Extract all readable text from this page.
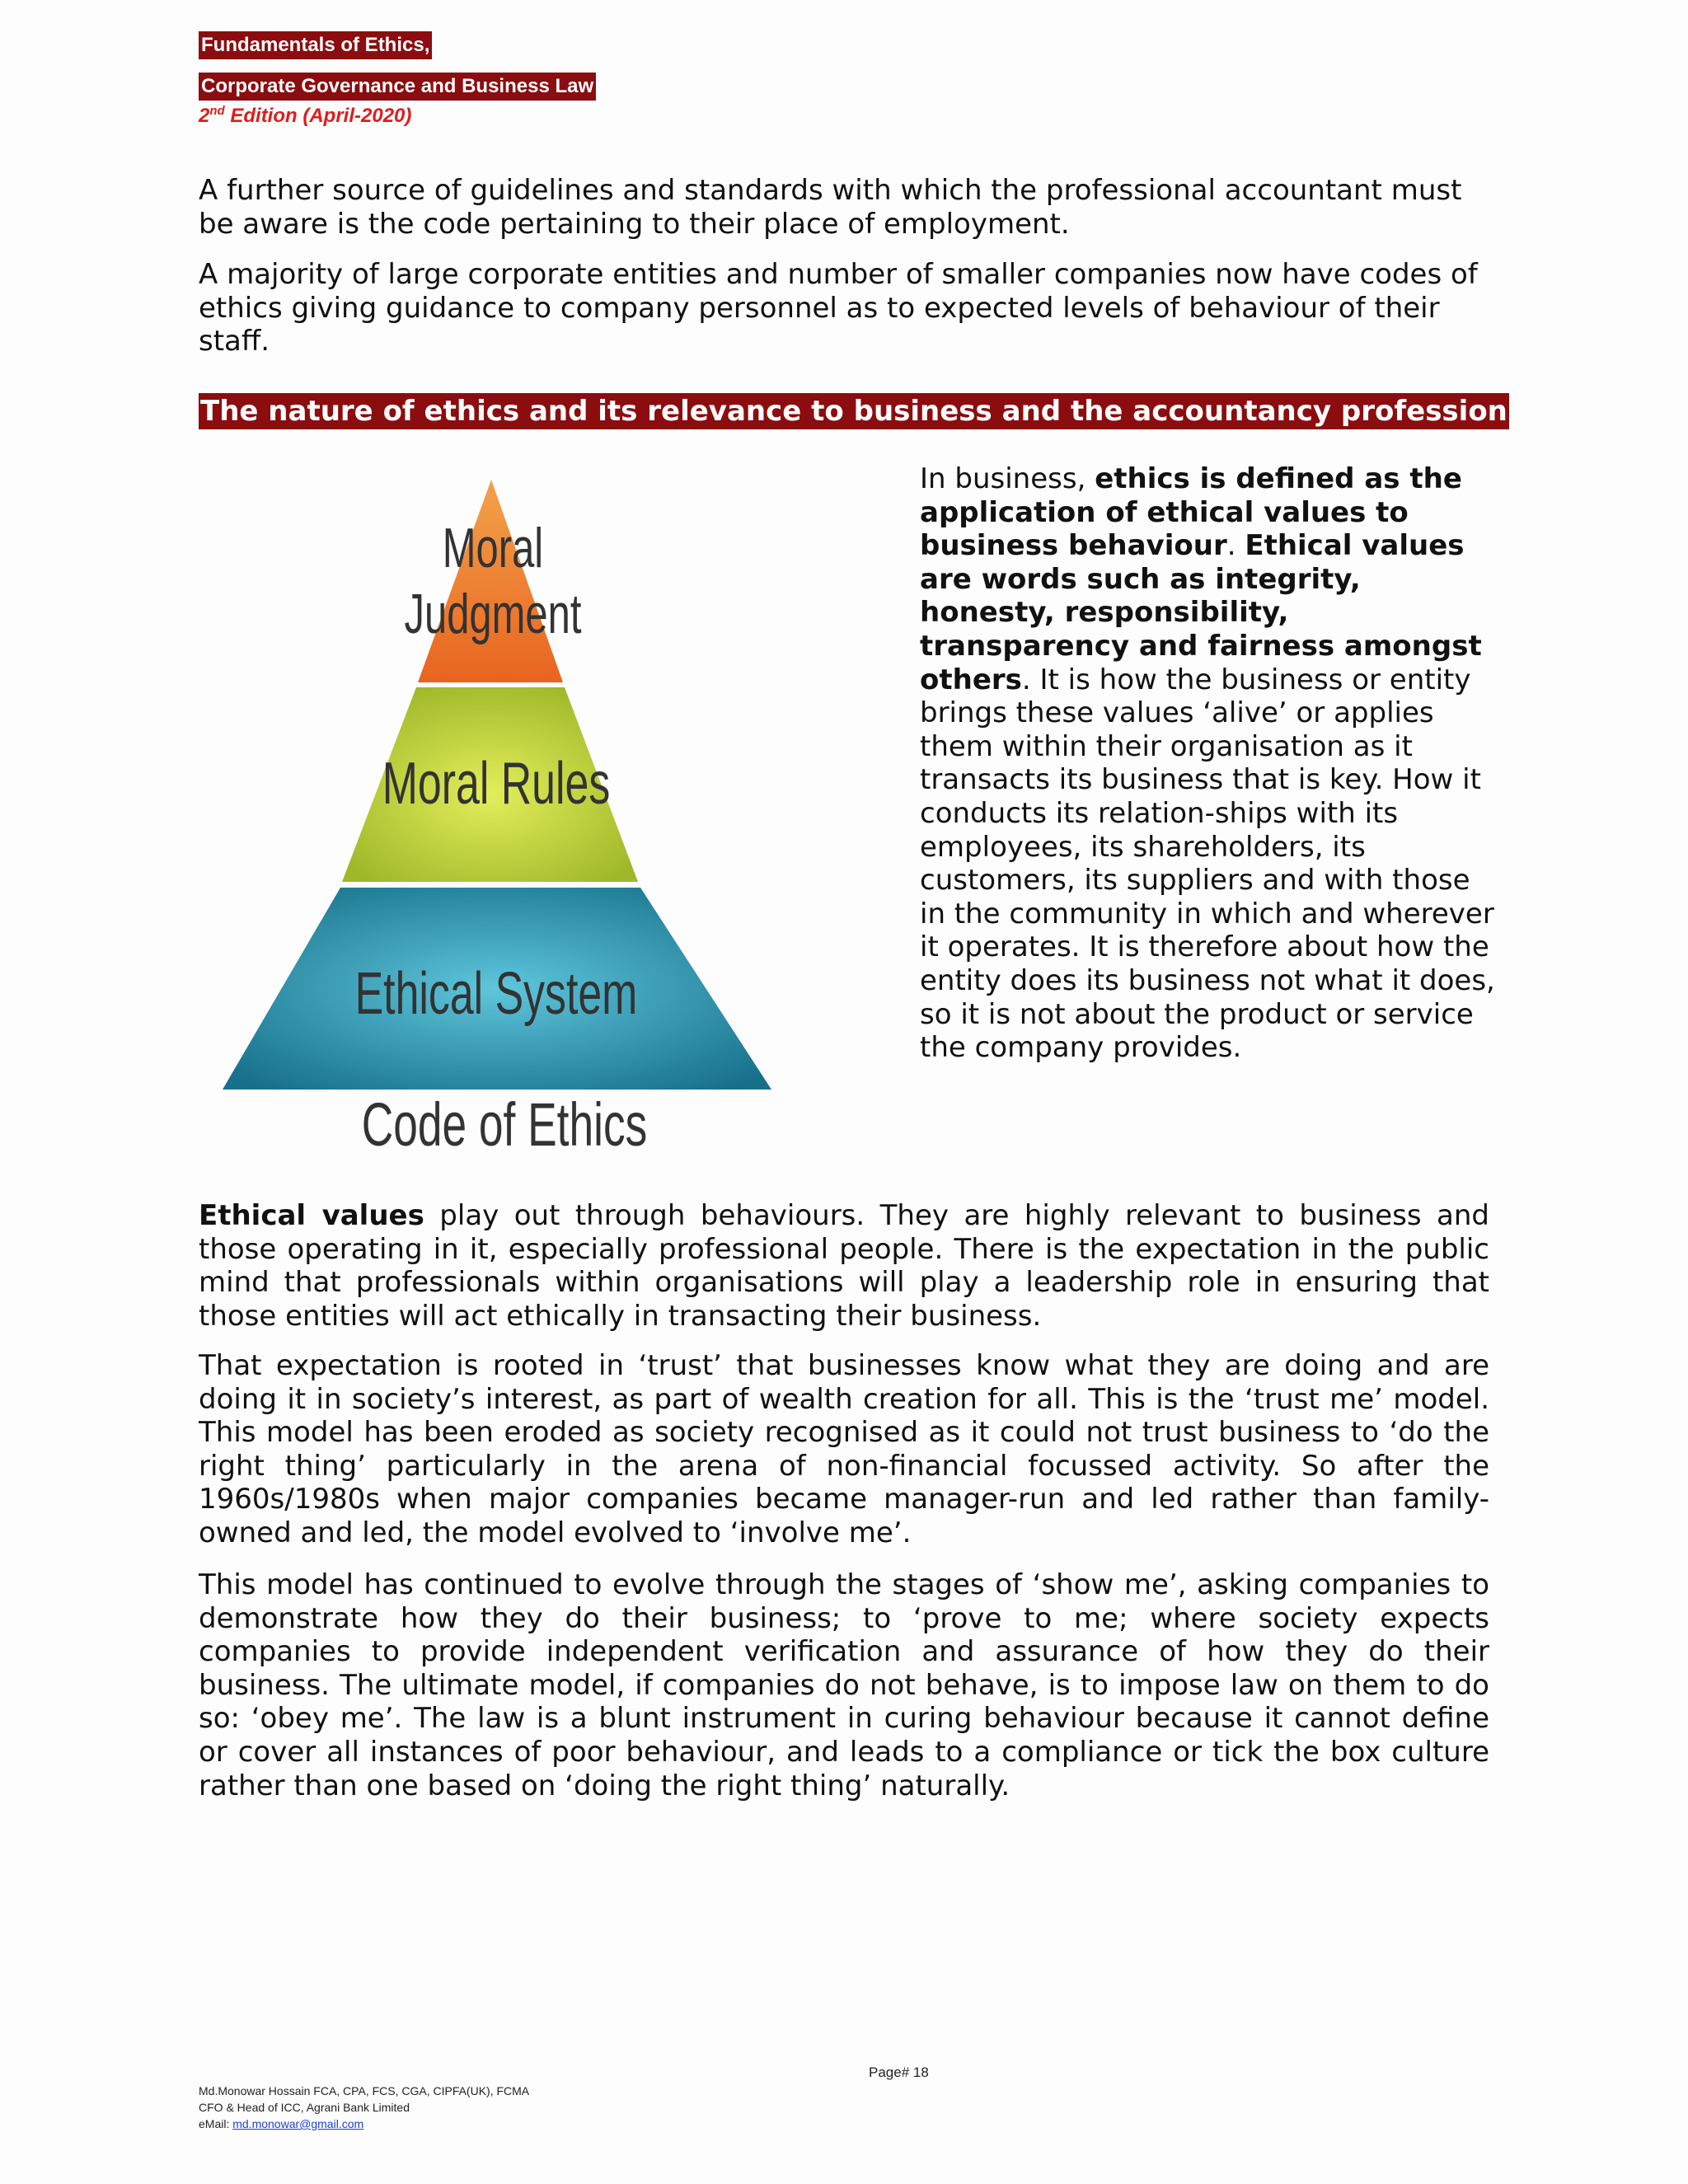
Fundamentals of Ethics,
Corporate Governance and Business Law
2nd Edition (April-2020)

A further source of guidelines and standards with which the professional accountant must be aware is the code pertaining to their place of employment.

A majority of large corporate entities and number of smaller companies now have codes of ethics giving guidance to company personnel as to expected levels of behaviour of their staff.

The nature of ethics and its relevance to business and the accountancy profession
Moral
Judgment
Moral Rules
Ethical System
Code of Ethics

In business, ethics is defined as the application of ethical values to business behaviour. Ethical values are words such as integrity, honesty, responsibility, transparency and fairness amongst others. It is how the business or entity brings these values ‘alive’ or applies them within their organisation as it transacts its business that is key. How it conducts its relation-ships with its employees, its shareholders, its customers, its suppliers and with those in the community in which and wherever it operates. It is therefore about how the entity does its business not what it does, so it is not about the product or service the company provides.

Ethical values play out through behaviours. They are highly relevant to business and those operating in it, especially professional people. There is the expectation in the public mind that professionals within organisations will play a leadership role in ensuring that those entities will act ethically in transacting their business.

That expectation is rooted in ‘trust’ that businesses know what they are doing and are doing it in society’s interest, as part of wealth creation for all. This is the ‘trust me’ model. This model has been eroded as society recognised as it could not trust business to ‘do the right thing’ particularly in the arena of non-financial focussed activity. So after the 1960s/1980s when major companies became manager-run and led rather than family-owned and led, the model evolved to ‘involve me’.

This model has continued to evolve through the stages of ‘show me’, asking companies to demonstrate how they do their business; to ‘prove to me; where society expects companies to provide independent verification and assurance of how they do their business. The ultimate model, if companies do not behave, is to impose law on them to do so: ‘obey me’. The law is a blunt instrument in curing behaviour because it cannot define or cover all instances of poor behaviour, and leads to a compliance or tick the box culture rather than one based on ‘doing the right thing’ naturally.

Page# 18
Md.Monowar Hossain FCA, CPA, FCS, CGA, CIPFA(UK), FCMA
CFO & Head of ICC, Agrani Bank Limited
eMail: md.monowar@gmail.com
